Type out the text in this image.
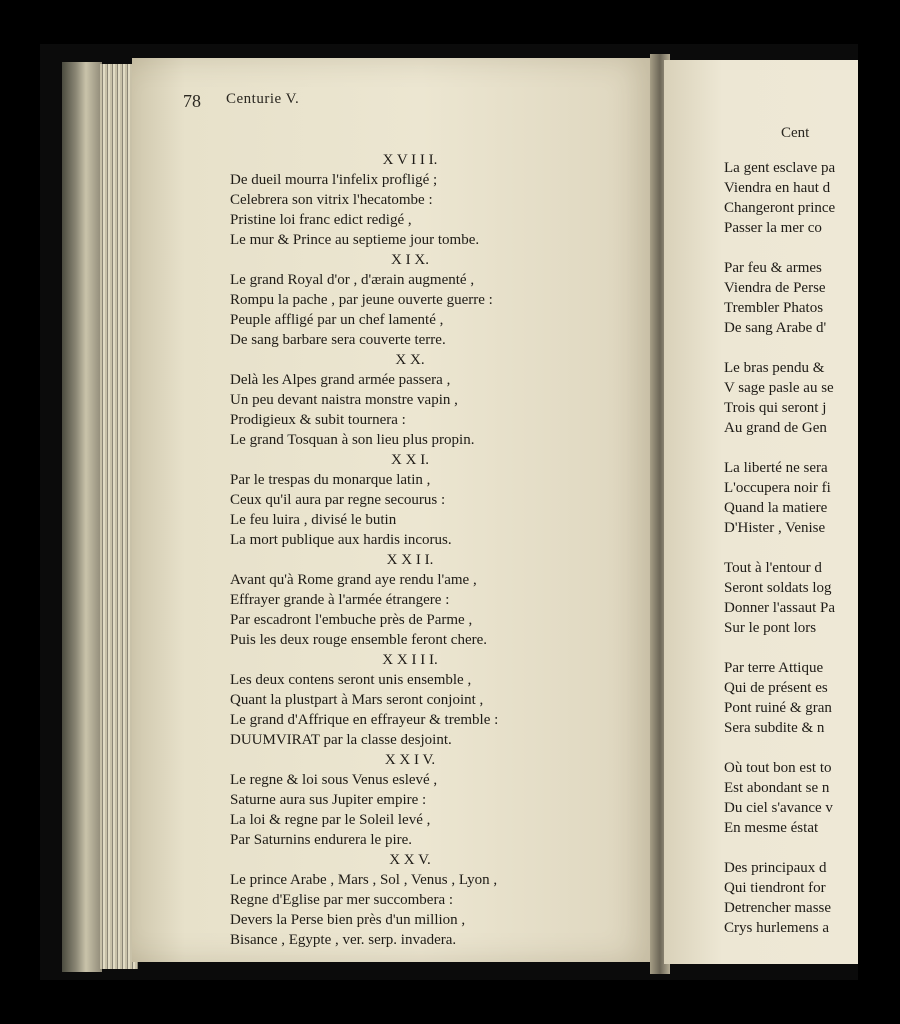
78 Centurie V.
Cent
X V I I I.
De dueil mourra l'infelix profligé ;
Celebrera son vitrix l'hecatombe :
Pristine loi franc edict redigé ,
Le mur & Prince au septieme jour tombe.
X I X.
Le grand Royal d'or , d'ærain augmenté ,
Rompu la pache , par jeune ouverte guerre :
Peuple affligé par un chef lamenté ,
De sang barbare sera couverte terre.
X X.
Delà les Alpes grand armée passera ,
Un peu devant naistra monstre vapin ,
Prodigieux & subit tournera :
Le grand Tosquan à son lieu plus propin.
X X I.
Par le trespas du monarque latin ,
Ceux qu'il aura par regne secourus :
Le feu luira , divisé le butin
La mort publique aux hardis incorus.
X X I I.
Avant qu'à Rome grand aye rendu l'ame ,
Effrayer grande à l'armée étrangere :
Par escadront l'embuche près de Parme ,
Puis les deux rouge ensemble feront chere.
X X I I I.
Les deux contens seront unis ensemble ,
Quant la plustpart à Mars seront conjoint ,
Le grand d'Affrique en effrayeur & tremble :
DUUMVIRAT par la classe desjoint.
X X I V.
Le regne & loi sous Venus eslevé ,
Saturne aura sus Jupiter empire :
La loi & regne par le Soleil levé ,
Par Saturnins endurera le pire.
X X V.
Le prince Arabe , Mars , Sol , Venus , Lyon ,
Regne d'Eglise par mer succombera :
Devers la Perse bien près d'un million ,
Bisance , Egypte , ver. serp. invadera.
La gent esclave pa
Viendra en haut d
Changeront prince
Passer la mer co
Par feu & armes
Viendra de Perse
Trembler Phatos
De sang Arabe d'
Le bras pendu &
V sage pasle au se
Trois qui seront j
Au grand de Gen
La liberté ne sera
L'occupera noir fi
Quand la matiere
D'Hister , Venise
Tout à l'entour d
Seront soldats log
Donner l'assaut Pa
Sur le pont lors
Par terre Attique
Qui de présent es
Pont ruiné & gran
Sera subdite & n
Où tout bon est to
Est abondant se n
Du ciel s'avance v
En mesme éstat
Des principaux d
Qui tiendront for
Detrencher masse
Crys hurlemens a
